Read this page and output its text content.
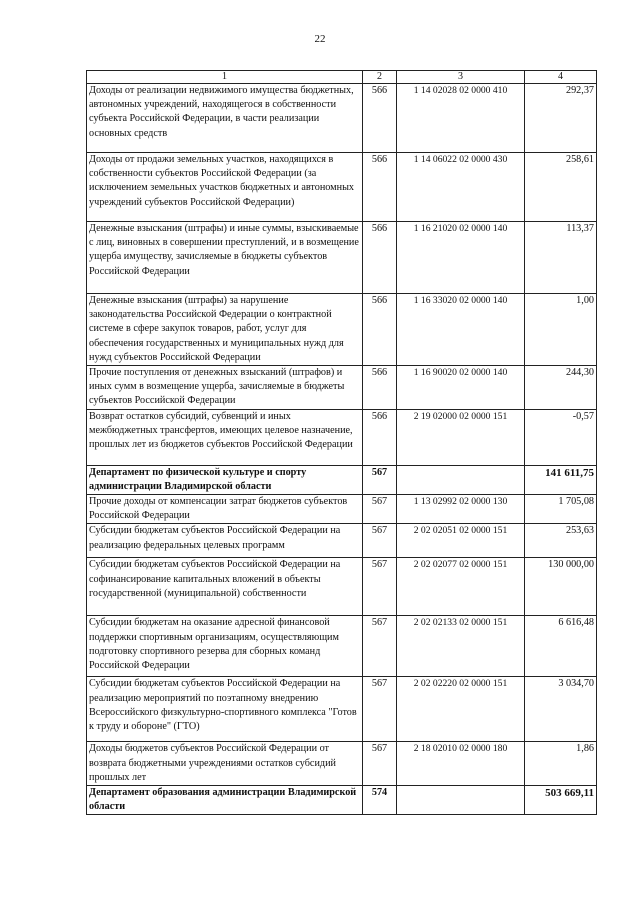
22
1	2	3	4
Доходы от реализации недвижимого имущества бюджетных, автономных учреждений, находящегося в собственности субъекта Российской Федерации, в части реализации основных средств	566	1 14 02028 02 0000 410	292,37
Доходы от продажи земельных участков, находящихся в собственности субъектов Российской Федерации (за исключением земельных участков бюджетных и автономных учреждений субъектов Российской Федерации)	566	1 14 06022 02 0000 430	258,61
Денежные взыскания (штрафы) и иные суммы, взыскиваемые с лиц, виновных в совершении преступлений, и в возмещение ущерба имуществу, зачисляемые в бюджеты субъектов Российской Федерации	566	1 16 21020 02 0000 140	113,37
Денежные взыскания (штрафы) за нарушение законодательства Российской Федерации о контрактной системе в сфере закупок товаров, работ, услуг для обеспечения государственных и муниципальных нужд для нужд субъектов Российской Федерации	566	1 16 33020 02 0000 140	1,00
Прочие поступления от денежных взысканий (штрафов) и иных сумм в возмещение ущерба, зачисляемые в бюджеты субъектов Российской Федерации	566	1 16 90020 02 0000 140	244,30
Возврат остатков субсидий, субвенций и иных межбюджетных трансфертов, имеющих целевое назначение, прошлых лет из бюджетов субъектов Российской Федерации	566	2 19 02000 02 0000 151	-0,57
Департамент по физической культуре и спорту администрации Владимирской области	567		141 611,75
Прочие доходы от компенсации затрат бюджетов субъектов Российской Федерации	567	1 13 02992 02 0000 130	1 705,08
Субсидии бюджетам субъектов Российской Федерации на реализацию федеральных целевых программ	567	2 02 02051 02 0000 151	253,63
Субсидии бюджетам субъектов Российской Федерации на софинансирование капитальных вложений в объекты государственной (муниципальной) собственности	567	2 02 02077 02 0000 151	130 000,00
Субсидии бюджетам на оказание адресной финансовой поддержки спортивным организациям, осуществляющим подготовку спортивного резерва для сборных команд Российской Федерации	567	2 02 02133 02 0000 151	6 616,48
Субсидии бюджетам субъектов Российской Федерации на реализацию мероприятий по поэтапному внедрению Всероссийского физкультурно-спортивного комплекса "Готов к труду и обороне" (ГТО)	567	2 02 02220 02 0000 151	3 034,70
Доходы бюджетов субъектов Российской Федерации от возврата бюджетными учреждениями остатков субсидий прошлых лет	567	2 18 02010 02 0000 180	1,86
Департамент образования администрации Владимирской области	574		503 669,11
